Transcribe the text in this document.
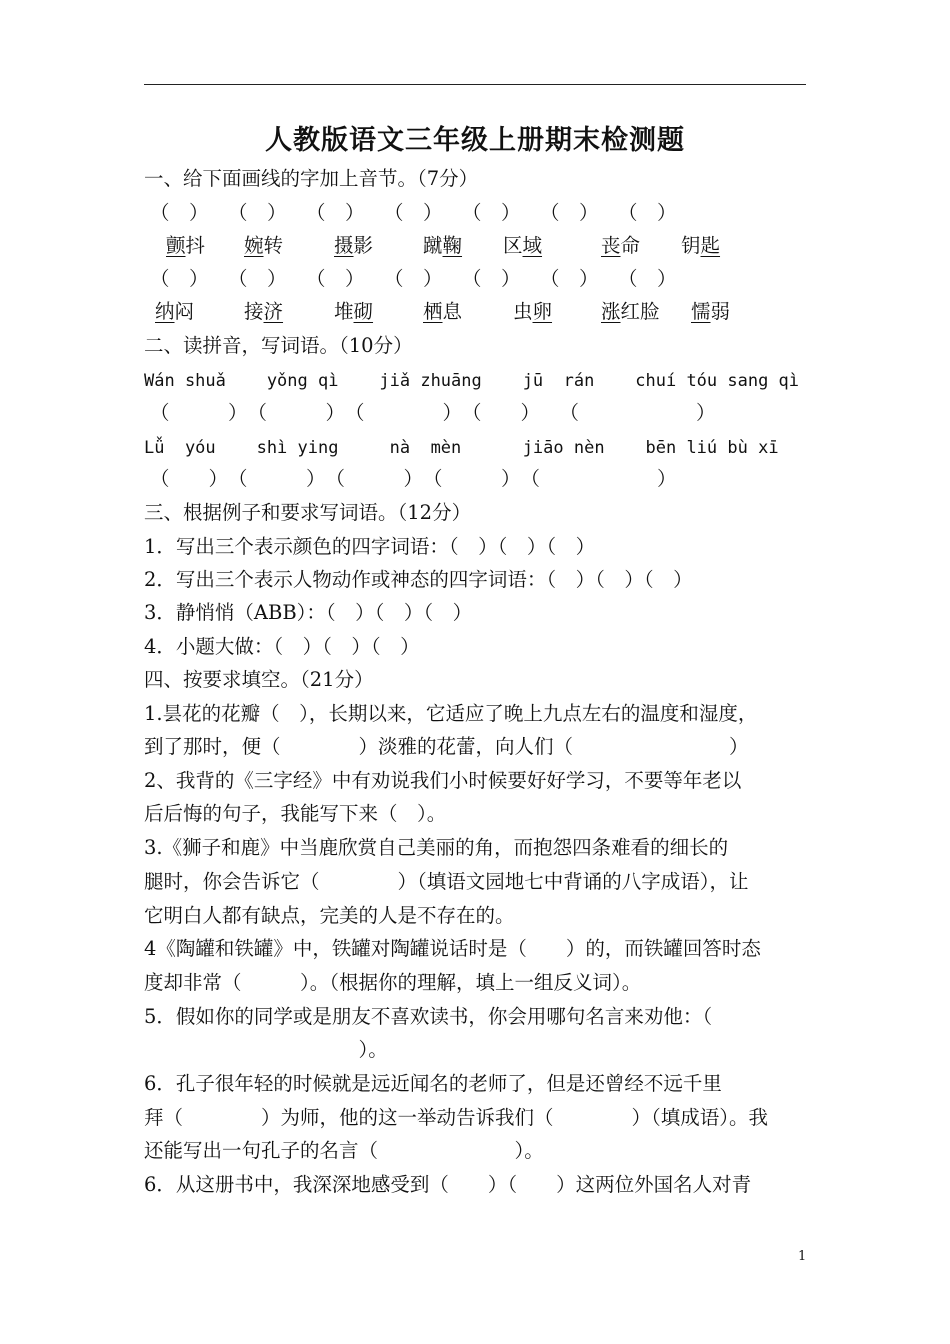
人教版语文三年级上册期末检测题
一、给下面画线的字加上音节。（7分）
（　）　　（　）　　（　）　　（　）　　（　）　　（　）　　（　）
颤抖 婉转	摄影	蹴鞠 区域	丧命 钥匙
（　）　　（　）　　（　）　　（　）　　（　）　　（　）　　（　）
纳闷	接济	堆砌	栖息	虫卵	涨红脸 懦弱
二、读拼音，写词语。（10分）
Wán shuǎ    yǒng qì    jiǎ zhuāng    jū  rán    chuí tóu sang qì
（　　　）　（　　　）　（　　　　）　（　　）　　（　　　　　　）
Lǚ  yóu    shì ying     nà  mèn      jiāo nèn    bēn liú bù xī
（　　）　（　　　）　（　　　）　（　　　）　（　　　　　　）
三、根据例子和要求写词语。（12分）
1．写出三个表示颜色的四字词语：（　）（　）（　）
2．写出三个表示人物动作或神态的四字词语：（　）（　）（　）
3．静悄悄（ABB）：（　）（　）（　）
4．小题大做：（　）（　）（　）
四、按要求填空。（21分）
1.昙花的花瓣（　），长期以来，它适应了晚上九点左右的温度和湿度，
到了那时，便（　　　　）淡雅的花蕾，向人们（　　　　　　　　）
2、我背的《三字经》中有劝说我们小时候要好好学习，不要等年老以
后后悔的句子，我能写下来（　）。
3.《狮子和鹿》中当鹿欣赏自己美丽的角，而抱怨四条难看的细长的
腿时，你会告诉它（　　　　）（填语文园地七中背诵的八字成语），让
它明白人都有缺点，完美的人是不存在的。
4《陶罐和铁罐》中，铁罐对陶罐说话时是（　　）的，而铁罐回答时态
度却非常（　　　）。（根据你的理解，填上一组反义词）。
5．假如你的同学或是朋友不喜欢读书，你会用哪句名言来劝他：（
　　　　　　　　　　　）。
6．孔子很年轻的时候就是远近闻名的老师了，但是还曾经不远千里
拜（　　　　）为师，他的这一举动告诉我们（　　　　）（填成语）。我
还能写出一句孔子的名言（　　　　　　　）。
6．从这册书中，我深深地感受到（　　）（　　）这两位外国名人对青
1
